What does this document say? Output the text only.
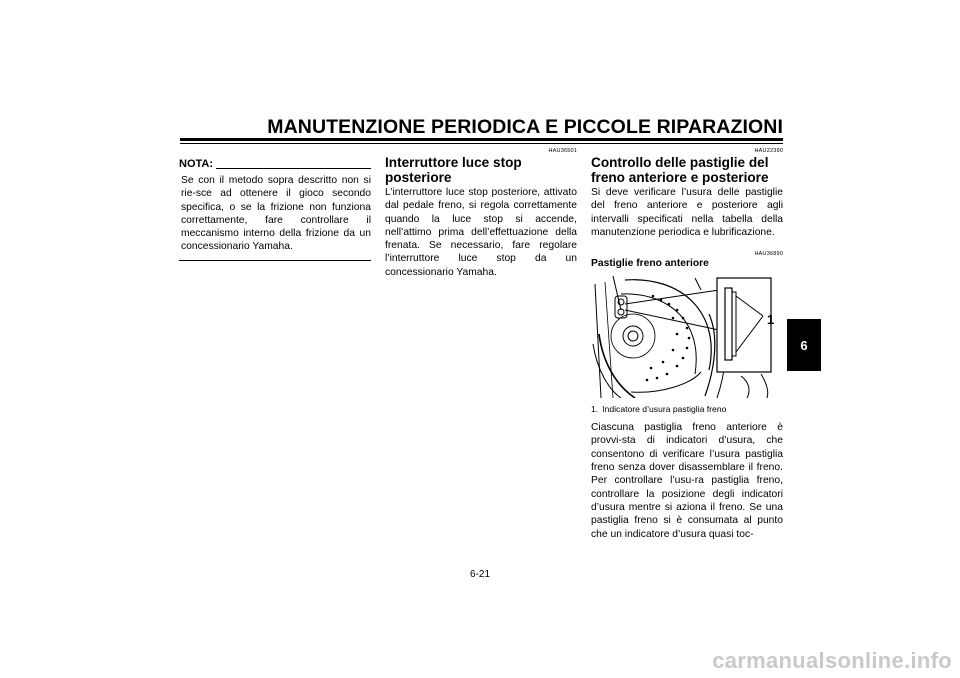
MANUTENZIONE PERIODICA E PICCOLE RIPARAZIONI
NOTA:

Se con il metodo sopra descritto non si rie-sce ad ottenere il gioco secondo specifica, o se la frizione non funziona correttamente, fare controllare il meccanismo interno della frizione da un concessionario Yamaha.

HAU36501
Interruttore luce stop posteriore

L’interruttore luce stop posteriore, attivato dal pedale freno, si regola correttamente quando la luce stop si accende, nell’attimo prima dell’effettuazione della frenata. Se necessario, fare regolare l’interruttore luce stop da un concessionario Yamaha.

HAU22390
Controllo delle pastiglie del freno anteriore e posteriore

Si deve verificare l’usura delle pastiglie del freno anteriore e posteriore agli intervalli specificati nella tabella della manutenzione periodica e lubrificazione.

HAU36890
Pastiglie freno anteriore
1
1. Indicatore d’usura pastiglia freno

Ciascuna pastiglia freno anteriore è provvi-sta di indicatori d’usura, che consentono di verificare l’usura pastiglia freno senza dover disassemblare il freno. Per controllare l’usu-ra pastiglia freno, controllare la posizione degli indicatori d’usura mentre si aziona il freno. Se una pastiglia freno si è consumata al punto che un indicatore d’usura quasi toc-

6
6-21
carmanualsonline.info
